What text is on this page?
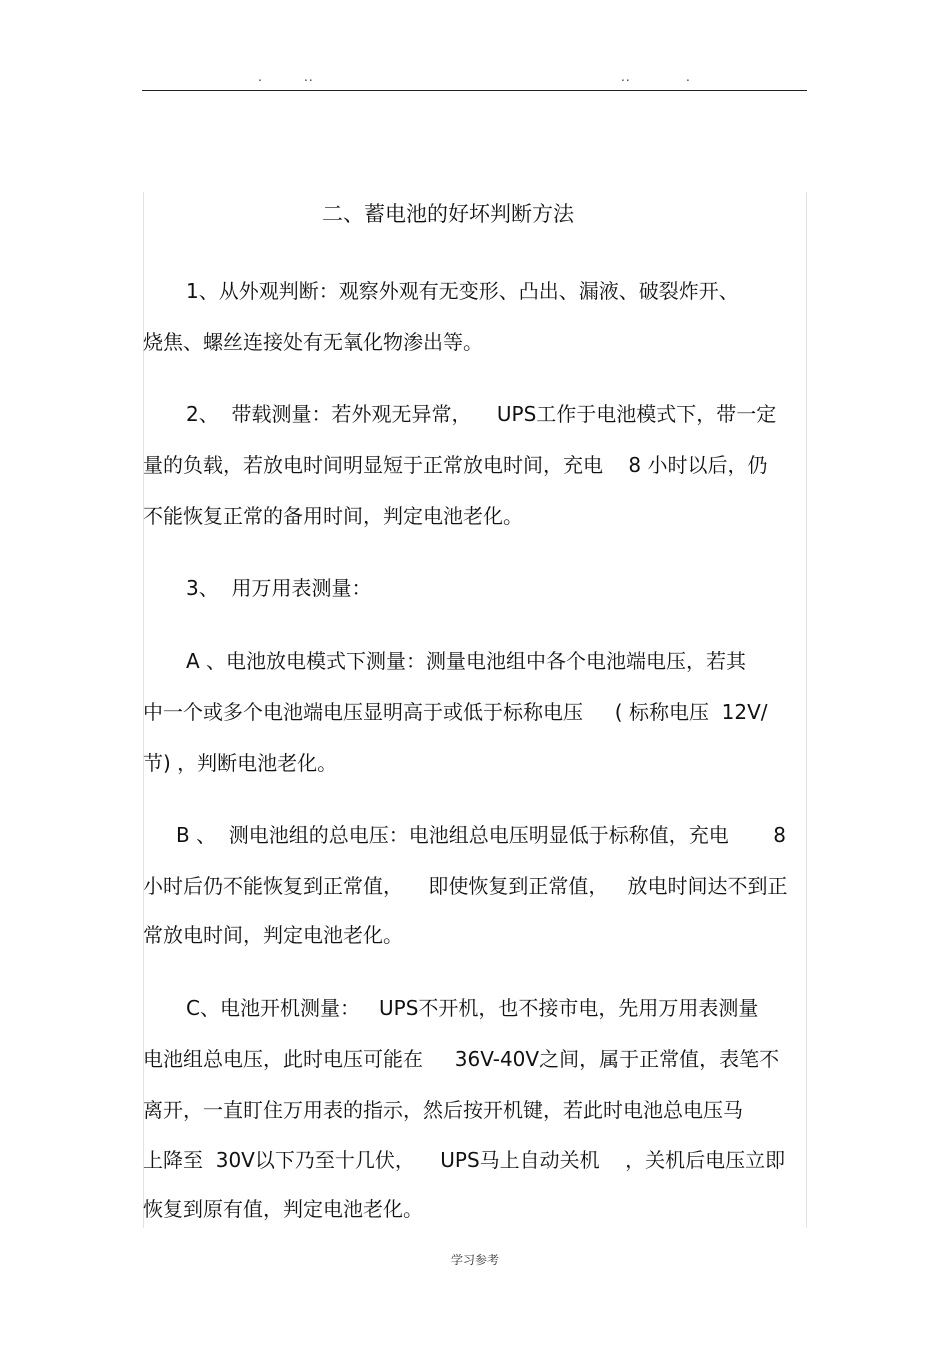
.	..	..	.
二、蓄电池的好坏判断方法
1、从外观判断：观察外观有无变形、凸出、漏液、破裂炸开、
烧焦、螺丝连接处有无氧化物渗出等。
2、  带载测量：若外观无异常，    UPS工作于电池模式下，带一定
量的负载，若放电时间明显短于正常放电时间，充电    8 小时以后，仍
不能恢复正常的备用时间，判定电池老化。
3、  用万用表测量：
A 、电池放电模式下测量：测量电池组中各个电池端电压，若其
中一个或多个电池端电压显明高于或低于标称电压     ( 标称电压  12V/
节) ，判断电池老化。
B 、  测电池组的总电压：电池组总电压明显低于标称值，充电       8
小时后仍不能恢复到正常值，    即使恢复到正常值，   放电时间达不到正
常放电时间，判定电池老化。
C、电池开机测量：   UPS不开机，也不接市电，先用万用表测量
电池组总电压，此时电压可能在     36V-40V之间，属于正常值，表笔不
离开，一直盯住万用表的指示，然后按开机键，若此时电池总电压马
上降至  30V以下乃至十几伏，    UPS马上自动关机    ，关机后电压立即
恢复到原有值，判定电池老化。
学习参考
